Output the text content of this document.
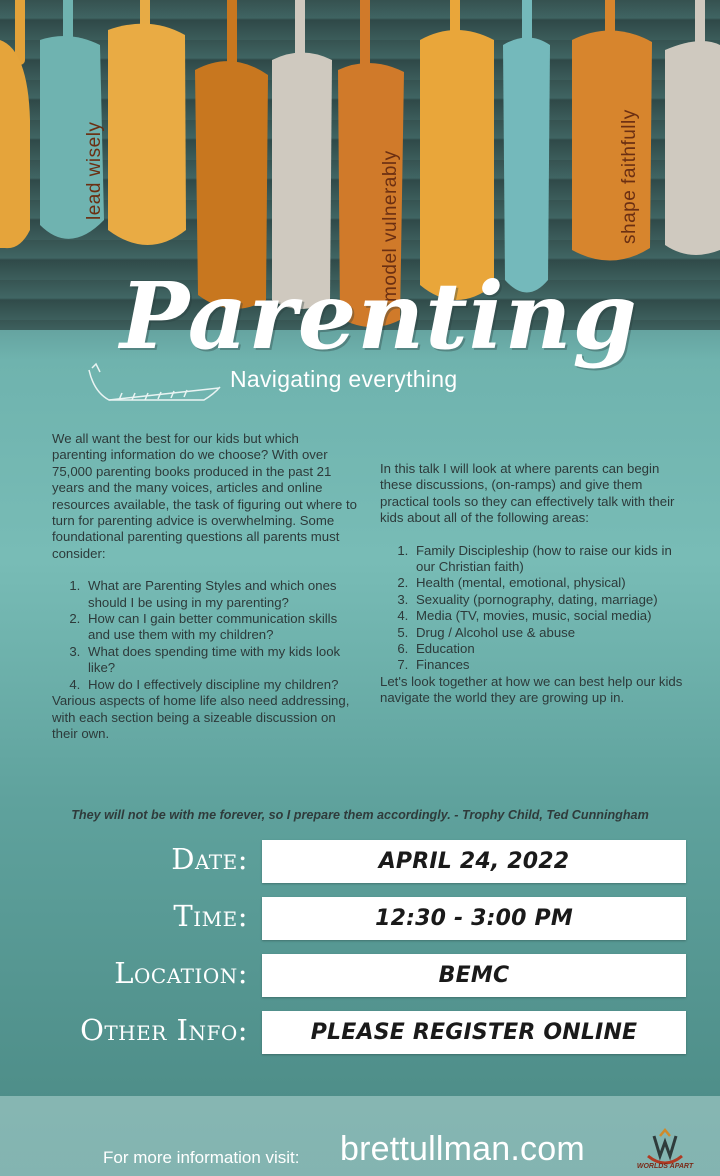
lead wisely	model vulnerably	shape faithfully
Parenting
Navigating everything

We all want the best for our kids but which parenting information do we choose? With over 75,000 parenting books produced in the past 21 years and the many voices, articles and online resources available, the task of figuring out where to turn for parenting advice is overwhelming. Some foundational parenting questions all parents must consider:

1. What are Parenting Styles and which ones should I be using in my parenting?
2. How can I gain better communication skills and use them with my children?
3. What does spending time with my kids look like?
4. How do I effectively discipline my children?

Various aspects of home life also need addressing, with each section being a sizeable discussion on their own.

In this talk I will look at where parents can begin these discussions, (on-ramps) and give them practical tools so they can effectively talk with their kids about all of the following areas:

1. Family Discipleship (how to raise our kids in our Christian faith)
2. Health (mental, emotional, physical)
3. Sexuality (pornography, dating, marriage)
4. Media (TV, movies, music, social media)
5. Drug / Alcohol use & abuse
6. Education
7. Finances

Let's look together at how we can best help our kids navigate the world they are growing up in.

They will not be with me forever, so I prepare them accordingly. - Trophy Child, Ted Cunningham
Date:	APRIL 24, 2022
Time:	12:30 - 3:00 PM
Location:	BEMC
Other Info:	PLEASE REGISTER ONLINE
For more information visit: brettullman.com	WORLDS APART
